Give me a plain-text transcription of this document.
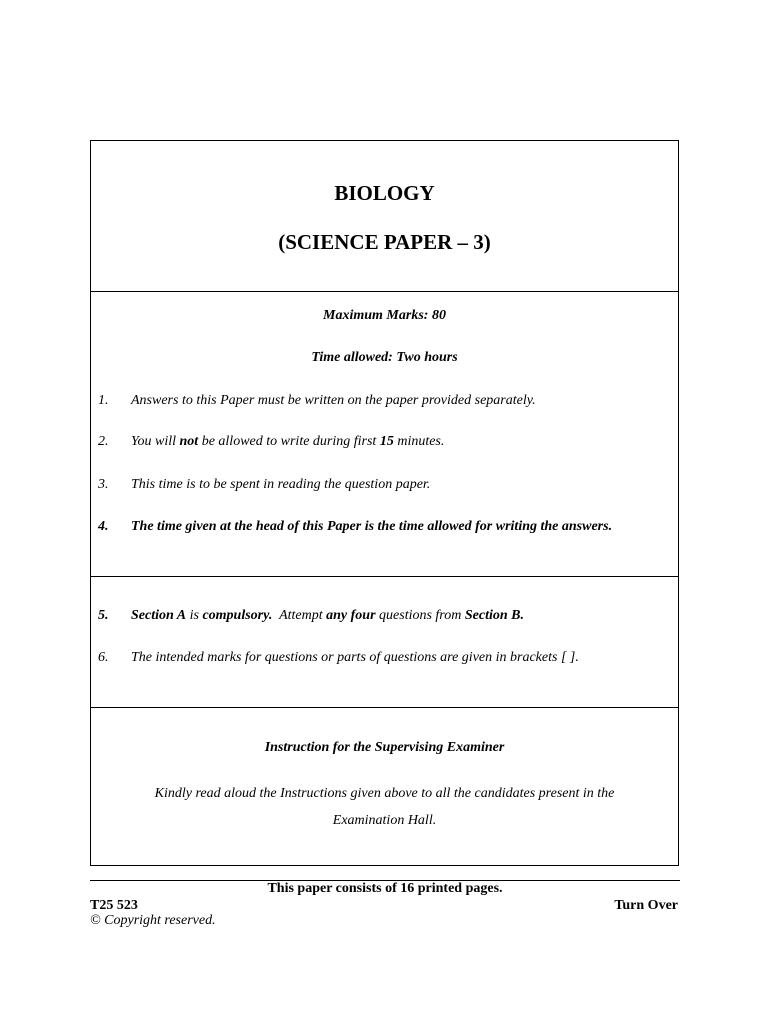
BIOLOGY
(SCIENCE PAPER – 3)
Maximum Marks: 80
Time allowed: Two hours
1. Answers to this Paper must be written on the paper provided separately.
2. You will not be allowed to write during first 15 minutes.
3. This time is to be spent in reading the question paper.
4. The time given at the head of this Paper is the time allowed for writing the answers.
5. Section A is compulsory.  Attempt any four questions from Section B.
6. The intended marks for questions or parts of questions are given in brackets [ ].
Instruction for the Supervising Examiner
Kindly read aloud the Instructions given above to all the candidates present in the Examination Hall.
This paper consists of 16 printed pages.
T25 523	Turn Over
© Copyright reserved.
